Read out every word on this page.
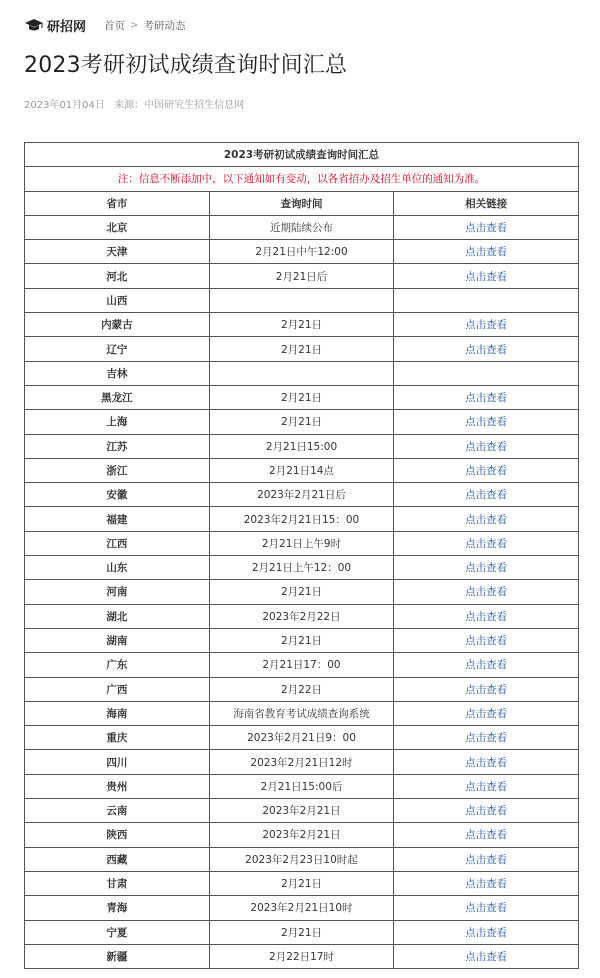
研招网 首页 > 考研动态
2023考研初试成绩查询时间汇总
2023年01月04日 来源：中国研究生招生信息网
2023考研初试成绩查询时间汇总		
注：信息不断添加中，以下通知如有变动，以各省招办及招生单位的通知为准。		
省市	查询时间	相关链接
北京	近期陆续公布	点击查看
天津	2月21日中午12:00	点击查看
河北	2月21日后	点击查看
山西		
内蒙古	2月21日	点击查看
辽宁	2月21日	点击查看
吉林		
黑龙江	2月21日	点击查看
上海	2月21日	点击查看
江苏	2月21日15:00	点击查看
浙江	2月21日14点	点击查看
安徽	2023年2月21日后	点击查看
福建	2023年2月21日15：00	点击查看
江西	2月21日上午9时	点击查看
山东	2月21日上午12：00	点击查看
河南	2月21日	点击查看
湖北	2023年2月22日	点击查看
湖南	2月21日	点击查看
广东	2月21日17：00	点击查看
广西	2月22日	点击查看
海南	海南省教育考试成绩查询系统	点击查看
重庆	2023年2月21日9：00	点击查看
四川	2023年2月21日12时	点击查看
贵州	2月21日15:00后	点击查看
云南	2023年2月21日	点击查看
陕西	2023年2月21日	点击查看
西藏	2023年2月23日10时起	点击查看
甘肃	2月21日	点击查看
青海	2023年2月21日10时	点击查看
宁夏	2月21日	点击查看
新疆	2月22日17时	点击查看
